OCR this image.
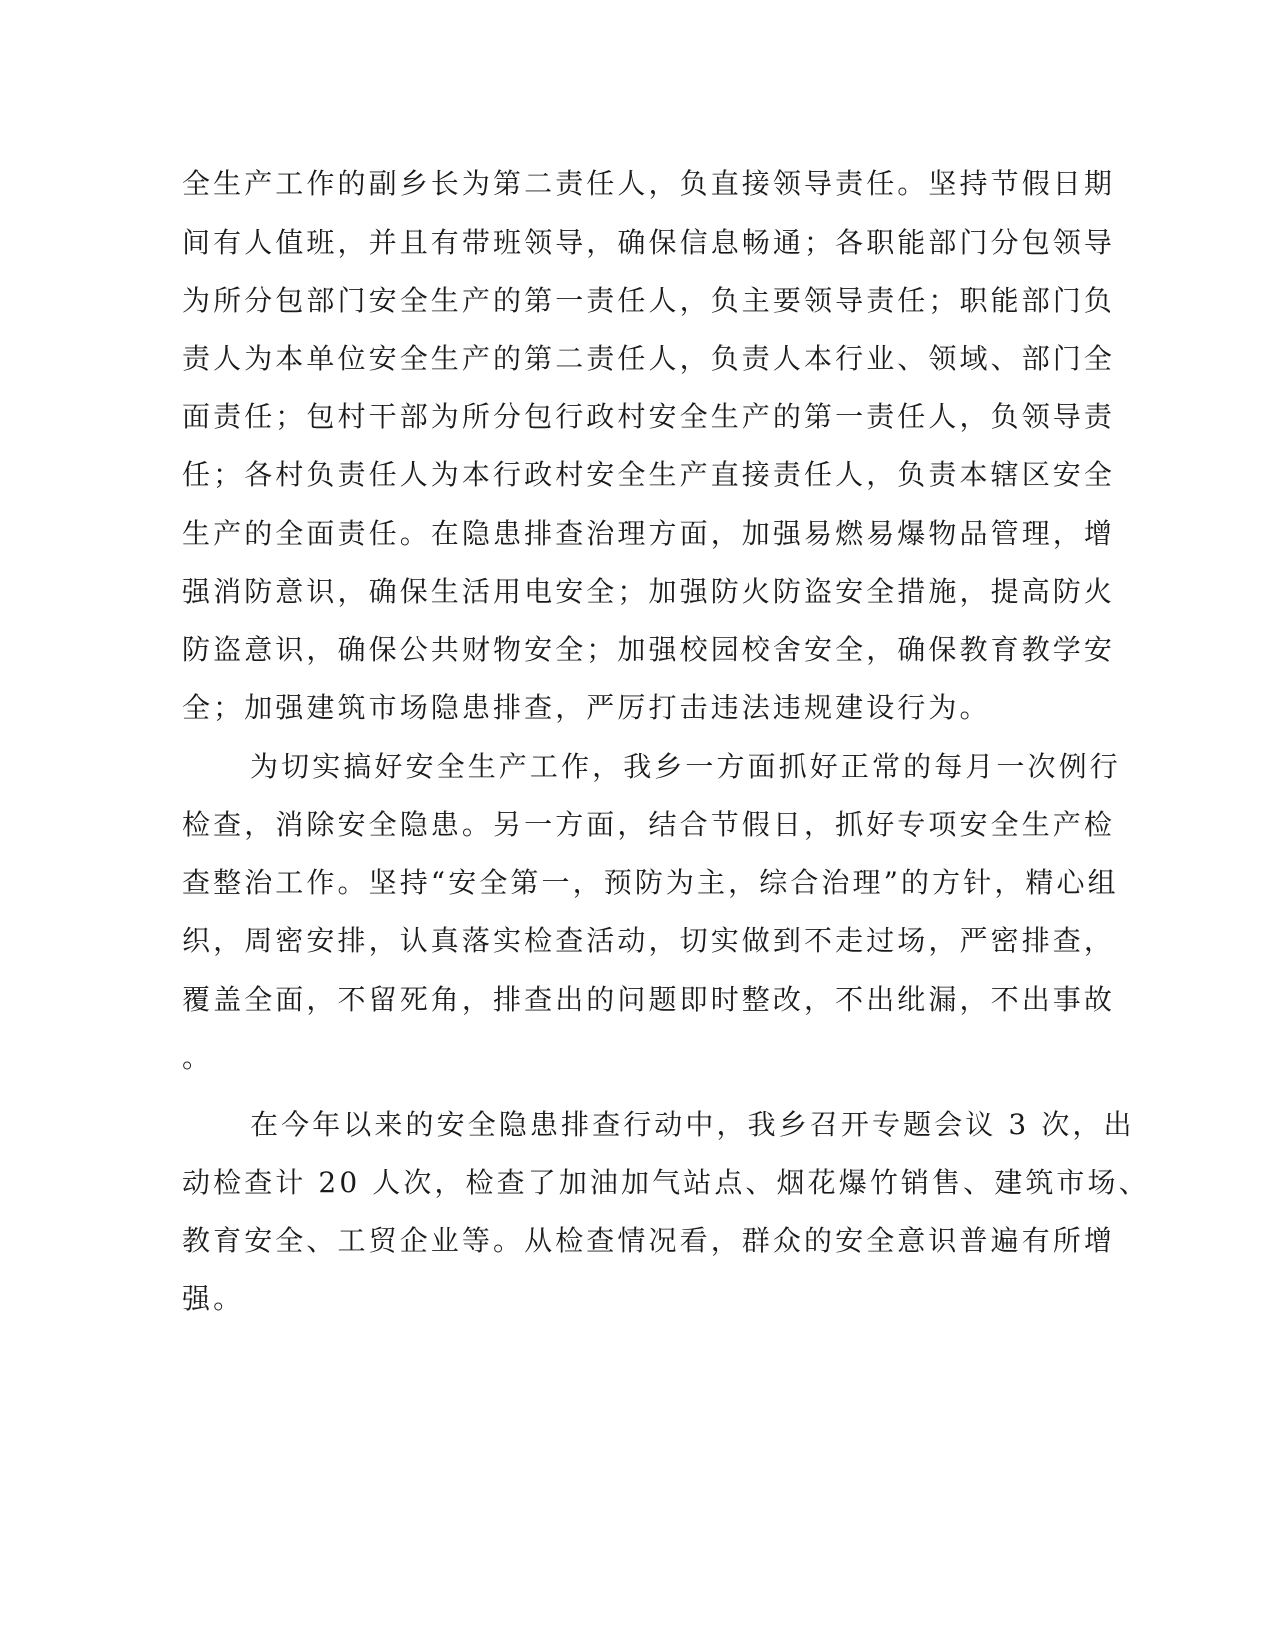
全生产工作的副乡长为第二责任人，负直接领导责任。坚持节假日期
间有人值班，并且有带班领导，确保信息畅通；各职能部门分包领导
为所分包部门安全生产的第一责任人，负主要领导责任；职能部门负
责人为本单位安全生产的第二责任人，负责人本行业、领域、部门全
面责任；包村干部为所分包行政村安全生产的第一责任人，负领导责
任；各村负责任人为本行政村安全生产直接责任人，负责本辖区安全
生产的全面责任。在隐患排查治理方面，加强易燃易爆物品管理，增
强消防意识，确保生活用电安全；加强防火防盗安全措施，提高防火
防盗意识，确保公共财物安全；加强校园校舍安全，确保教育教学安
全；加强建筑市场隐患排查，严厉打击违法违规建设行为。
为切实搞好安全生产工作，我乡一方面抓好正常的每月一次例行
检查，消除安全隐患。另一方面，结合节假日，抓好专项安全生产检
查整治工作。坚持“安全第一，预防为主，综合治理”的方针，精心组
织，周密安排，认真落实检查活动，切实做到不走过场，严密排查，
覆盖全面，不留死角，排查出的问题即时整改，不出纰漏，不出事故
。
在今年以来的安全隐患排查行动中，我乡召开专题会议 3 次，出
动检查计 20 人次，检查了加油加气站点、烟花爆竹销售、建筑市场、
教育安全、工贸企业等。从检查情况看，群众的安全意识普遍有所增
强。
